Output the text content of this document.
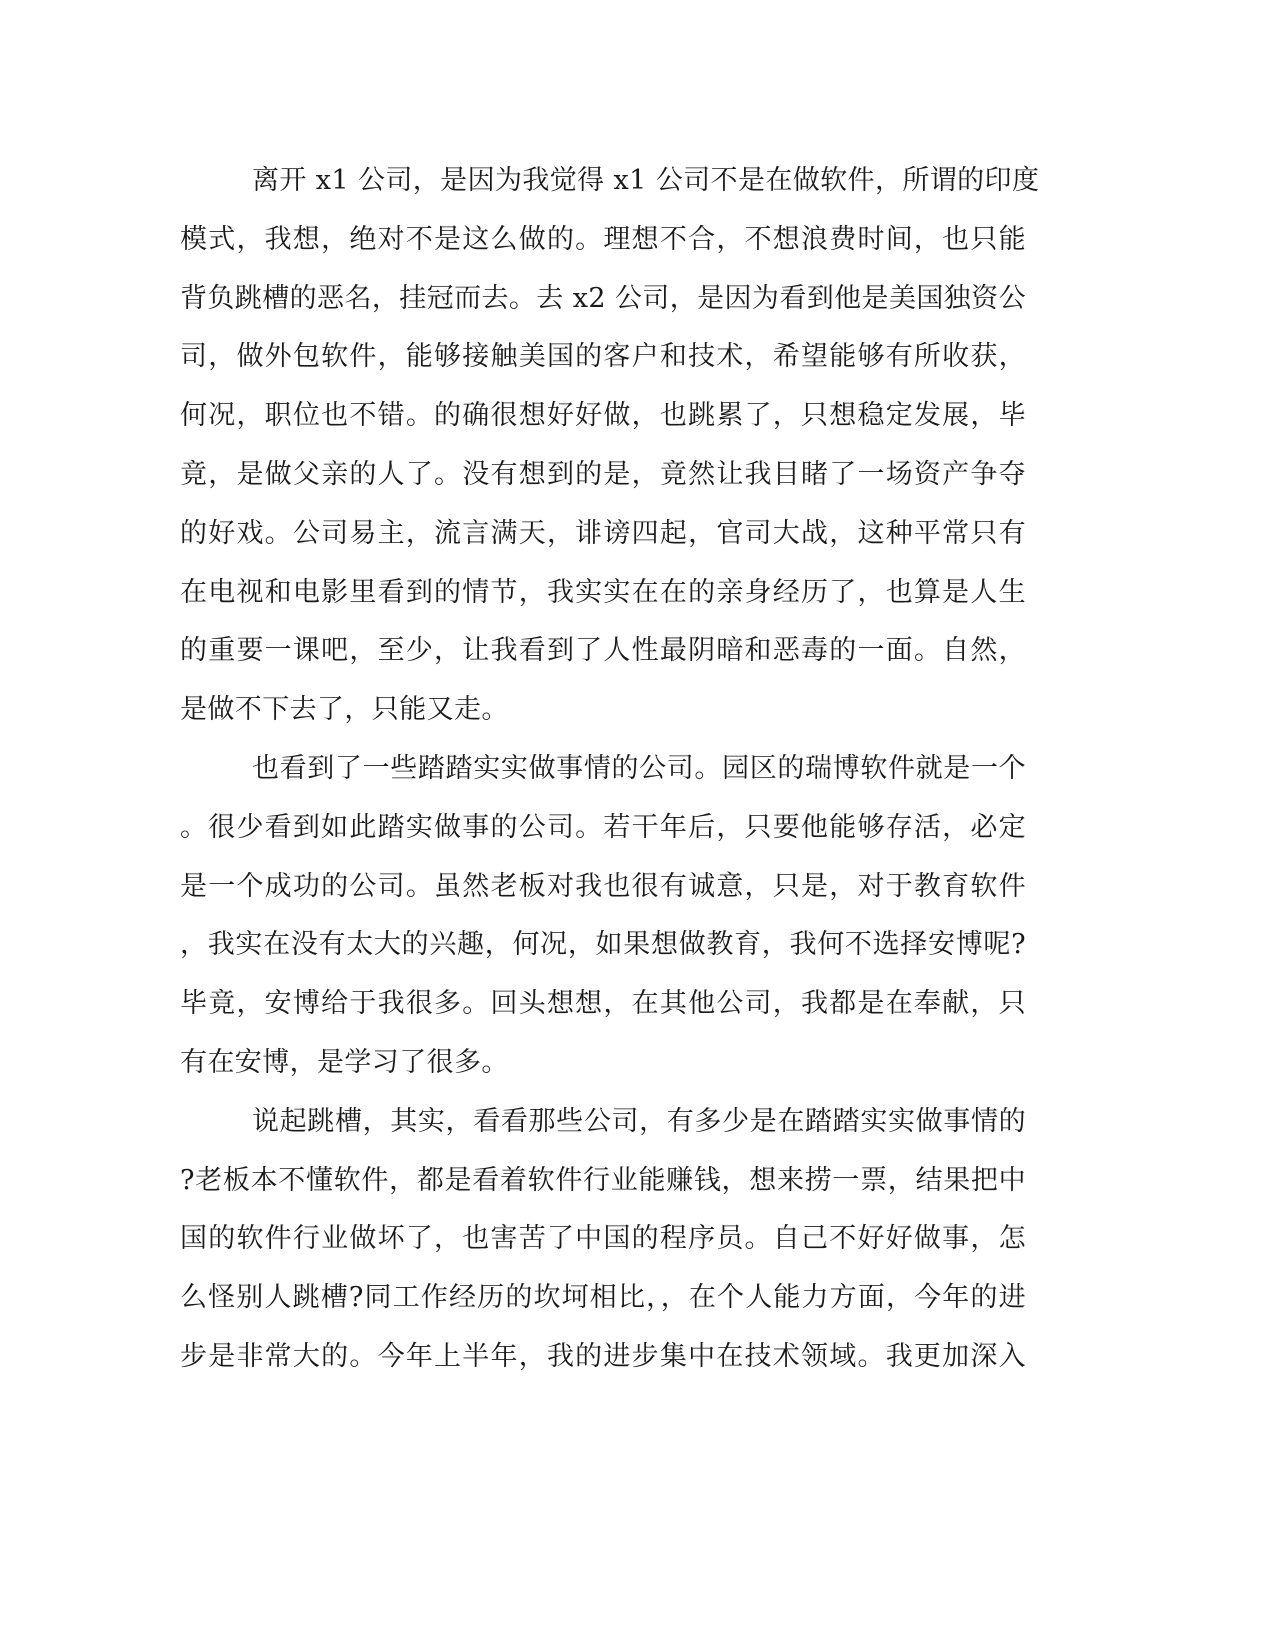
离开 x1 公司，是因为我觉得 x1 公司不是在做软件，所谓的印度
模式，我想，绝对不是这么做的。理想不合，不想浪费时间，也只能
背负跳槽的恶名，挂冠而去。去 x2 公司，是因为看到他是美国独资公
司，做外包软件，能够接触美国的客户和技术，希望能够有所收获，
何况，职位也不错。的确很想好好做，也跳累了，只想稳定发展，毕
竟，是做父亲的人了。没有想到的是，竟然让我目睹了一场资产争夺
的好戏。公司易主，流言满天，诽谤四起，官司大战，这种平常只有
在电视和电影里看到的情节，我实实在在的亲身经历了，也算是人生
的重要一课吧，至少，让我看到了人性最阴暗和恶毒的一面。自然，
是做不下去了，只能又走。
也看到了一些踏踏实实做事情的公司。园区的瑞博软件就是一个
。很少看到如此踏实做事的公司。若干年后，只要他能够存活，必定
是一个成功的公司。虽然老板对我也很有诚意，只是，对于教育软件
，我实在没有太大的兴趣，何况，如果想做教育，我何不选择安博呢?
毕竟，安博给于我很多。回头想想，在其他公司，我都是在奉献，只
有在安博，是学习了很多。
说起跳槽，其实，看看那些公司，有多少是在踏踏实实做事情的
?老板本不懂软件，都是看着软件行业能赚钱，想来捞一票，结果把中
国的软件行业做坏了，也害苦了中国的程序员。自己不好好做事，怎
么怪别人跳槽?同工作经历的坎坷相比，，在个人能力方面，今年的进
步是非常大的。今年上半年，我的进步集中在技术领域。我更加深入
